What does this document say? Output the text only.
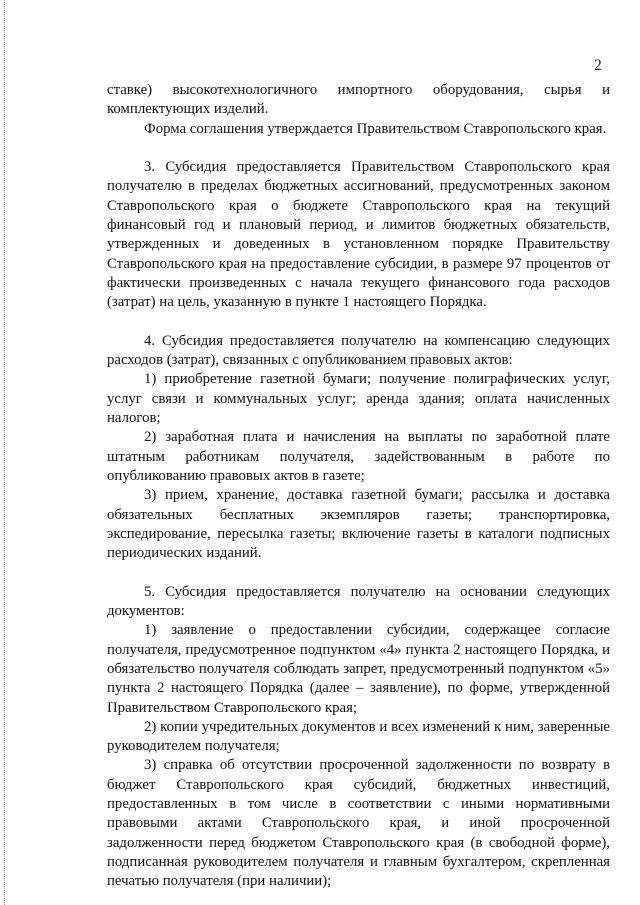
2

ставке) высокотехнологичного импортного оборудования, сырья и комплектующих изделий.

Форма соглашения утверждается Правительством Ставропольского края.

3. Субсидия предоставляется Правительством Ставропольского края получателю в пределах бюджетных ассигнований, предусмотренных законом Ставропольского края о бюджете Ставропольского края на текущий финансовый год и плановый период, и лимитов бюджетных обязательств, утвержденных и доведенных в установленном порядке Правительству Ставропольского края на предоставление субсидии, в размере 97 процентов от фактически произведенных с начала текущего финансового года расходов (затрат) на цель, указанную в пункте 1 настоящего Порядка.

4. Субсидия предоставляется получателю на компенсацию следующих расходов (затрат), связанных с опубликованием правовых актов:

1) приобретение газетной бумаги; получение полиграфических услуг, услуг связи и коммунальных услуг; аренда здания; оплата начисленных налогов;

2) заработная плата и начисления на выплаты по заработной плате штатным работникам получателя, задействованным в работе по опубликованию правовых актов в газете;

3) прием, хранение, доставка газетной бумаги; рассылка и доставка обязательных бесплатных экземпляров газеты; транспортировка, экспедирование, пересылка газеты; включение газеты в каталоги подписных периодических изданий.

5. Субсидия предоставляется получателю на основании следующих документов:

1) заявление о предоставлении субсидии, содержащее согласие получателя, предусмотренное подпунктом «4» пункта 2 настоящего Порядка, и обязательство получателя соблюдать запрет, предусмотренный подпунктом «5» пункта 2 настоящего Порядка (далее – заявление), по форме, утвержденной Правительством Ставропольского края;

2) копии учредительных документов и всех изменений к ним, заверенные руководителем получателя;

3) справка об отсутствии просроченной задолженности по возврату в бюджет Ставропольского края субсидий, бюджетных инвестиций, предоставленных в том числе в соответствии с иными нормативными правовыми актами Ставропольского края, и иной просроченной задолженности перед бюджетом Ставропольского края (в свободной форме), подписанная руководителем получателя и главным бухгалтером, скрепленная печатью получателя (при наличии);
